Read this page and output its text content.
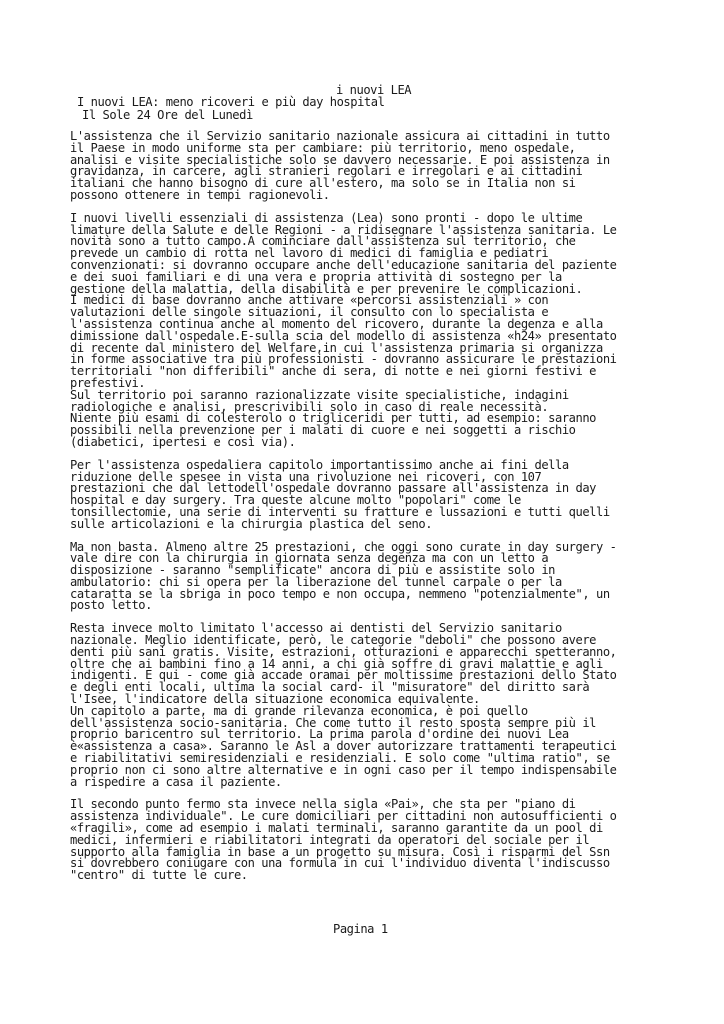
i nuovi LEA
I nuovi LEA: meno ricoveri e più day hospital
Il Sole 24 Ore del Lunedì

L'assistenza che il Servizio sanitario nazionale assicura ai cittadini in tutto
il Paese in modo uniforme sta per cambiare: più territorio, meno ospedale,
analisi e visite specialistiche solo se davvero necessarie. E poi assistenza in
gravidanza, in carcere, agli stranieri regolari e irregolari e ai cittadini
italiani che hanno bisogno di cure all'estero, ma solo se in Italia non si
possono ottenere in tempi ragionevoli.

I nuovi livelli essenziali di assistenza (Lea) sono pronti - dopo le ultime
limature della Salute e delle Regioni - a ridisegnare l'assistenza sanitaria. Le
novità sono a tutto campo.A cominciare dall'assistenza sul territorio, che
prevede un cambio di rotta nel lavoro di medici di famiglia e pediatri
convenzionati: si dovranno occupare anche dell'educazione sanitaria del paziente
e dei suoi familiari e di una vera e propria attività di sostegno per la
gestione della malattia, della disabilità e per prevenire le complicazioni.
I medici di base dovranno anche attivare «percorsi assistenziali » con
valutazioni delle singole situazioni, il consulto con lo specialista e
l'assistenza continua anche al momento del ricovero, durante la degenza e alla
dimissione dall'ospedale.E-sulla scia del modello di assistenza «h24» presentato
di recente dal ministero del Welfare,in cui l'assistenza primaria si organizza
in forme associative tra più professionisti - dovranno assicurare le prestazioni
territoriali "non differibili" anche di sera, di notte e nei giorni festivi e
prefestivi.
Sul territorio poi saranno razionalizzate visite specialistiche, indagini
radiologiche e analisi, prescrivibili solo in caso di reale necessità.
Niente più esami di colesterolo o trigliceridi per tutti, ad esempio: saranno
possibili nella prevenzione per i malati di cuore e nei soggetti a rischio
(diabetici, ipertesi e così via).

Per l'assistenza ospedaliera capitolo importantissimo anche ai fini della
riduzione delle spesee in vista una rivoluzione nei ricoveri, con 107
prestazioni che dal lettodell'ospedale dovranno passare all'assistenza in day
hospital e day surgery. Tra queste alcune molto "popolari" come le
tonsillectomie, una serie di interventi su fratture e lussazioni e tutti quelli
sulle articolazioni e la chirurgia plastica del seno.

Ma non basta. Almeno altre 25 prestazioni, che oggi sono curate in day surgery -
vale dire con la chirurgia in giornata senza degenza ma con un letto a
disposizione - saranno "semplificate" ancora di più e assistite solo in
ambulatorio: chi si opera per la liberazione del tunnel carpale o per la
cataratta se la sbriga in poco tempo e non occupa, nemmeno "potenzialmente", un
posto letto.

Resta invece molto limitato l'accesso ai dentisti del Servizio sanitario
nazionale. Meglio identificate, però, le categorie "deboli" che possono avere
denti più sani gratis. Visite, estrazioni, otturazioni e apparecchi spetteranno,
oltre che ai bambini fino a 14 anni, a chi già soffre di gravi malattie e agli
indigenti. E qui - come già accade oramai per moltissime prestazioni dello Stato
e degli enti locali, ultima la social card- il "misuratore" del diritto sarà
l'Isee, l'indicatore della situazione economica equivalente.
Un capitolo a parte, ma di grande rilevanza economica, è poi quello
dell'assistenza socio-sanitaria. Che come tutto il resto sposta sempre più il
proprio baricentro sul territorio. La prima parola d'ordine dei nuovi Lea
è«assistenza a casa». Saranno le Asl a dover autorizzare trattamenti terapeutici
e riabilitativi semiresidenziali e residenziali. E solo come "ultima ratio", se
proprio non ci sono altre alternative e in ogni caso per il tempo indispensabile
a rispedire a casa il paziente.

Il secondo punto fermo sta invece nella sigla «Pai», che sta per "piano di
assistenza individuale". Le cure domiciliari per cittadini non autosufficienti o
«fragili», come ad esempio i malati terminali, saranno garantite da un pool di
medici, infermieri e riabilitatori integrati da operatori del sociale per il
supporto alla famiglia in base a un progetto su misura. Così i risparmi del Ssn
si dovrebbero coniugare con una formula in cui l'individuo diventa l'indiscusso
"centro" di tutte le cure.

Pagina 1
